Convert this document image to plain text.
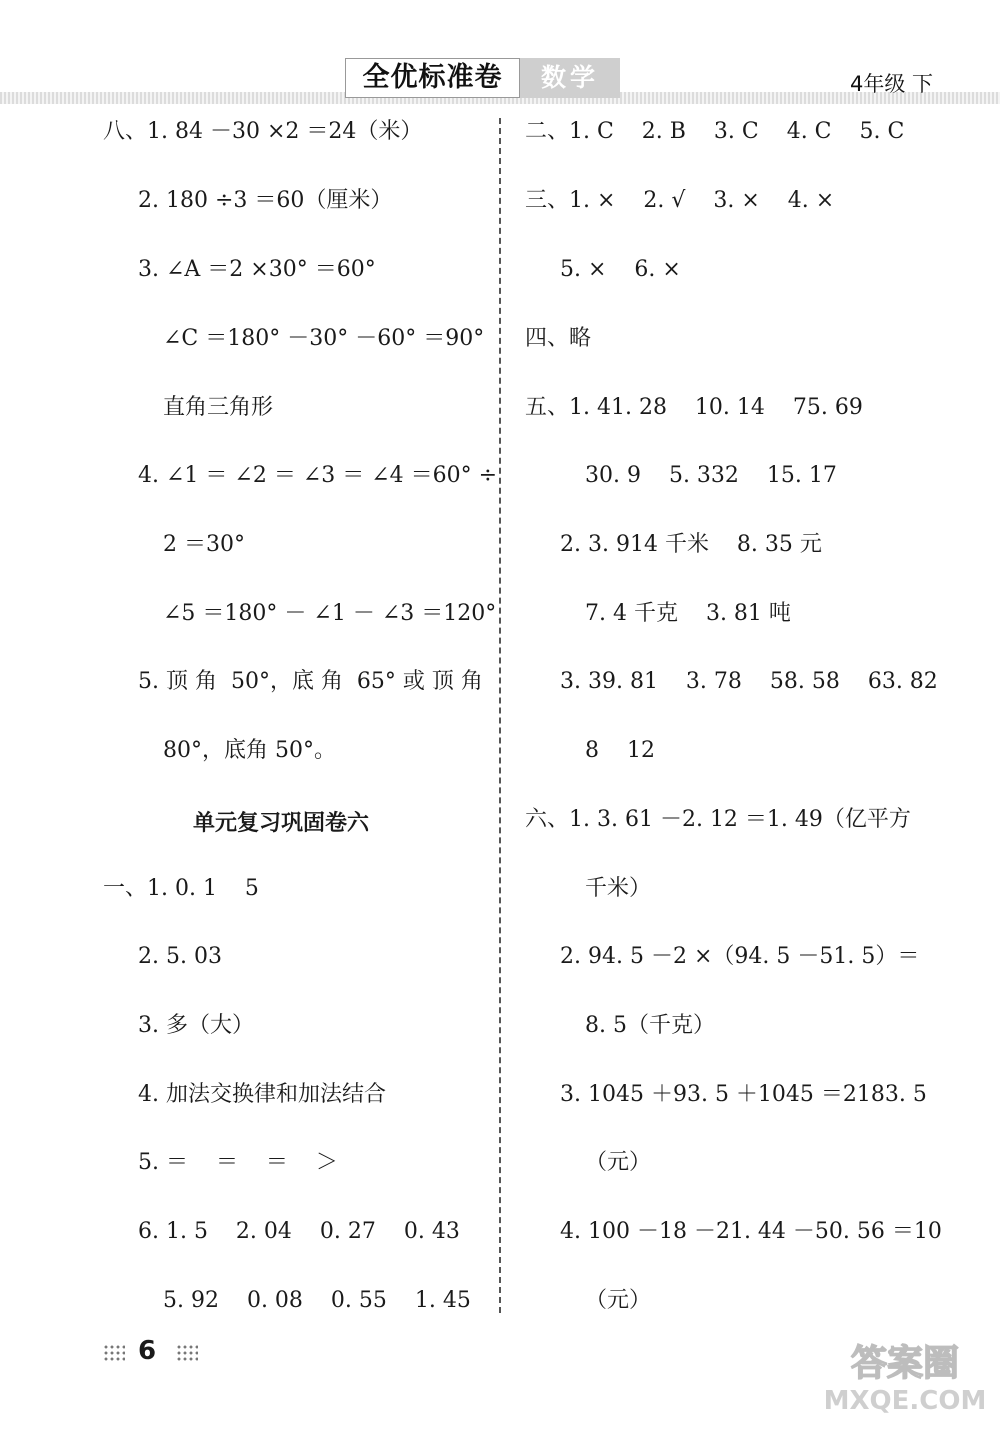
全优标准卷	数学	4年级 下
八、1. 84 －30 ×2 ＝24（米）
2. 180 ÷3 ＝60（厘米）
3. ∠A ＝2 ×30° ＝60°
∠C ＝180° －30° －60° ＝90°
直角三角形
4. ∠1 ＝ ∠2 ＝ ∠3 ＝ ∠4 ＝60° ÷
2 ＝30°
∠5 ＝180° － ∠1 － ∠3 ＝120°
5. 顶 角  50°，底 角  65° 或 顶 角
80°，底角 50°。
单元复习巩固卷六
一、1. 0. 1    5
2. 5. 03
3. 多（大）
4. 加法交换律和加法结合
5. ＝    ＝    ＝    ＞
6. 1. 5    2. 04    0. 27    0. 43
5. 92    0. 08    0. 55    1. 45
二、1. C    2. B    3. C    4. C    5. C
三、1. ×    2. √    3. ×    4. ×
5. ×    6. ×
四、略
五、1. 41. 28    10. 14    75. 69
30. 9    5. 332    15. 17
2. 3. 914 千米    8. 35 元
7. 4 千克    3. 81 吨
3. 39. 81    3. 78    58. 58    63. 82
8    12
六、1. 3. 61 －2. 12 ＝1. 49（亿平方
千米）
2. 94. 5 －2 ×（94. 5 －51. 5）＝
8. 5（千克）
3. 1045 ＋93. 5 ＋1045 ＝2183. 5
（元）
4. 100 －18 －21. 44 －50. 56 ＝10
（元）
6	答案圈
MXQE.COM
